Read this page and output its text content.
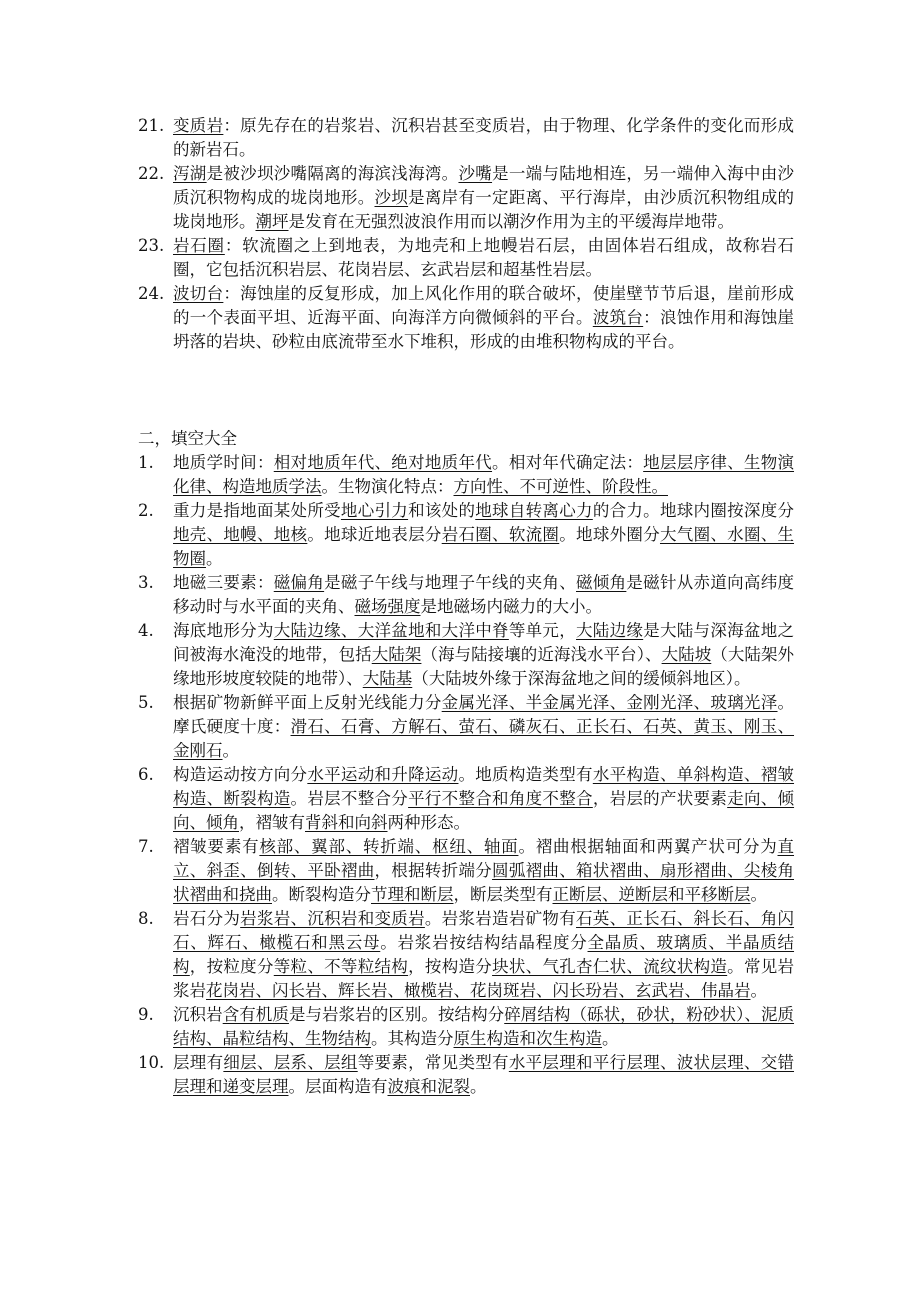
21. 变质岩：原先存在的岩浆岩、沉积岩甚至变质岩，由于物理、化学条件的变化而形成的新岩石。
22. 泻湖是被沙坝沙嘴隔离的海滨浅海湾。沙嘴是一端与陆地相连，另一端伸入海中由沙质沉积物构成的垅岗地形。沙坝是离岸有一定距离、平行海岸，由沙质沉积物组成的垅岗地形。潮坪是发育在无强烈波浪作用而以潮汐作用为主的平缓海岸地带。
23. 岩石圈：软流圈之上到地表，为地壳和上地幔岩石层，由固体岩石组成，故称岩石圈，它包括沉积岩层、花岗岩层、玄武岩层和超基性岩层。
24. 波切台：海蚀崖的反复形成，加上风化作用的联合破坏，使崖壁节节后退，崖前形成的一个表面平坦、近海平面、向海洋方向微倾斜的平台。波筑台：浪蚀作用和海蚀崖坍落的岩块、砂粒由底流带至水下堆积，形成的由堆积物构成的平台。
二，填空大全
1. 地质学时间：相对地质年代、绝对地质年代。相对年代确定法：地层层序律、生物演化律、构造地质学法。生物演化特点：方向性、不可逆性、阶段性。
2. 重力是指地面某处所受地心引力和该处的地球自转离心力的合力。地球内圈按深度分地壳、地幔、地核。地球近地表层分岩石圈、软流圈。地球外圈分大气圈、水圈、生物圈。
3. 地磁三要素：磁偏角是磁子午线与地理子午线的夹角、磁倾角是磁针从赤道向高纬度移动时与水平面的夹角、磁场强度是地磁场内磁力的大小。
4. 海底地形分为大陆边缘、大洋盆地和大洋中脊等单元，大陆边缘是大陆与深海盆地之间被海水淹没的地带，包括大陆架（海与陆接壤的近海浅水平台）、大陆坡（大陆架外缘地形坡度较陡的地带）、大陆基（大陆坡外缘于深海盆地之间的缓倾斜地区）。
5. 根据矿物新鲜平面上反射光线能力分金属光泽、半金属光泽、金刚光泽、玻璃光泽。摩氏硬度十度：滑石、石膏、方解石、萤石、磷灰石、正长石、石英、黄玉、刚玉、金刚石。
6. 构造运动按方向分水平运动和升降运动。地质构造类型有水平构造、单斜构造、褶皱构造、断裂构造。岩层不整合分平行不整合和角度不整合，岩层的产状要素走向、倾向、倾角，褶皱有背斜和向斜两种形态。
7. 褶皱要素有核部、翼部、转折端、枢纽、轴面。褶曲根据轴面和两翼产状可分为直立、斜歪、倒转、平卧褶曲，根据转折端分圆弧褶曲、箱状褶曲、扇形褶曲、尖棱角状褶曲和挠曲。断裂构造分节理和断层，断层类型有正断层、逆断层和平移断层。
8. 岩石分为岩浆岩、沉积岩和变质岩。岩浆岩造岩矿物有石英、正长石、斜长石、角闪石、辉石、橄榄石和黑云母。岩浆岩按结构结晶程度分全晶质、玻璃质、半晶质结构，按粒度分等粒、不等粒结构，按构造分块状、气孔杏仁状、流纹状构造。常见岩浆岩花岗岩、闪长岩、辉长岩、橄榄岩、花岗斑岩、闪长玢岩、玄武岩、伟晶岩。
9. 沉积岩含有机质是与岩浆岩的区别。按结构分碎屑结构（砾状，砂状，粉砂状）、泥质结构、晶粒结构、生物结构。其构造分原生构造和次生构造。
10. 层理有细层、层系、层组等要素，常见类型有水平层理和平行层理、波状层理、交错层理和递变层理。层面构造有波痕和泥裂。
